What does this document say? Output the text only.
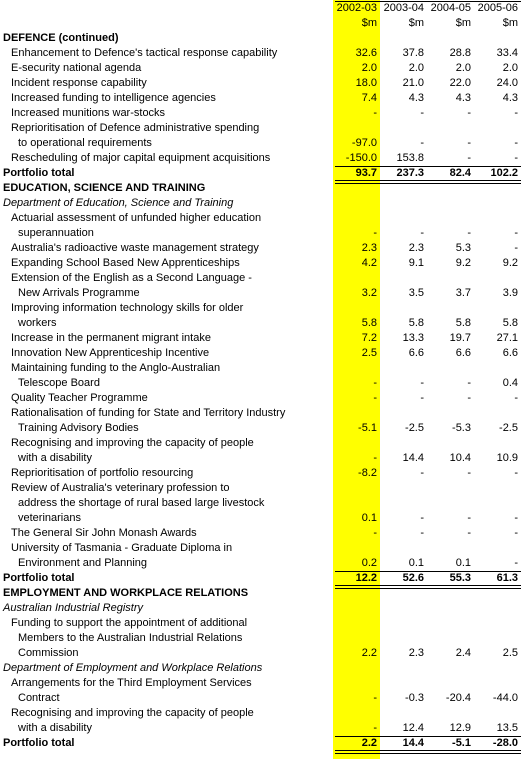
2002-03 2003-04 2004-05 2005-06
$m	$m	$m	$m
DEFENCE (continued)
Enhancement to Defence's tactical response capability	32.6	37.8	28.8	33.4
E-security national agenda	2.0	2.0	2.0	2.0
Incident response capability	18.0	21.0	22.0	24.0
Increased funding to intelligence agencies	7.4	4.3	4.3	4.3
Increased munitions war-stocks	-	-	-	-
Reprioritisation of Defence administrative spending
to operational requirements	-97.0	-	-	-
Rescheduling of major capital equipment acquisitions	-150.0	153.8	-	-
Portfolio total	93.7	237.3	82.4	102.2
EDUCATION, SCIENCE AND TRAINING
Department of Education, Science and Training
Actuarial assessment of unfunded higher education
superannuation	-	-	-	-
Australia's radioactive waste management strategy	2.3	2.3	5.3	-
Expanding School Based New Apprenticeships	4.2	9.1	9.2	9.2
Extension of the English as a Second Language -
New Arrivals Programme	3.2	3.5	3.7	3.9
Improving information technology skills for older
workers	5.8	5.8	5.8	5.8
Increase in the permanent migrant intake	7.2	13.3	19.7	27.1
Innovation New Apprenticeship Incentive	2.5	6.6	6.6	6.6
Maintaining funding to the Anglo-Australian
Telescope Board	-	-	-	0.4
Quality Teacher Programme	-	-	-	-
Rationalisation of funding for State and Territory Industry
Training Advisory Bodies	-5.1	-2.5	-5.3	-2.5
Recognising and improving the capacity of people
with a disability	-	14.4	10.4	10.9
Reprioritisation of portfolio resourcing	-8.2	-	-	-
Review of Australia's veterinary profession to
address the shortage of rural based large livestock
veterinarians	0.1	-	-	-
The General Sir John Monash Awards	-	-	-	-
University of Tasmania - Graduate Diploma in
Environment and Planning	0.2	0.1	0.1	-
Portfolio total	12.2	52.6	55.3	61.3
EMPLOYMENT AND WORKPLACE RELATIONS
Australian Industrial Registry
Funding to support the appointment of additional
Members to the Australian Industrial Relations
Commission	2.2	2.3	2.4	2.5
Department of Employment and Workplace Relations
Arrangements for the Third Employment Services
Contract	-	-0.3	-20.4	-44.0
Recognising and improving the capacity of people
with a disability	-	12.4	12.9	13.5
Portfolio total	2.2	14.4	-5.1	-28.0
